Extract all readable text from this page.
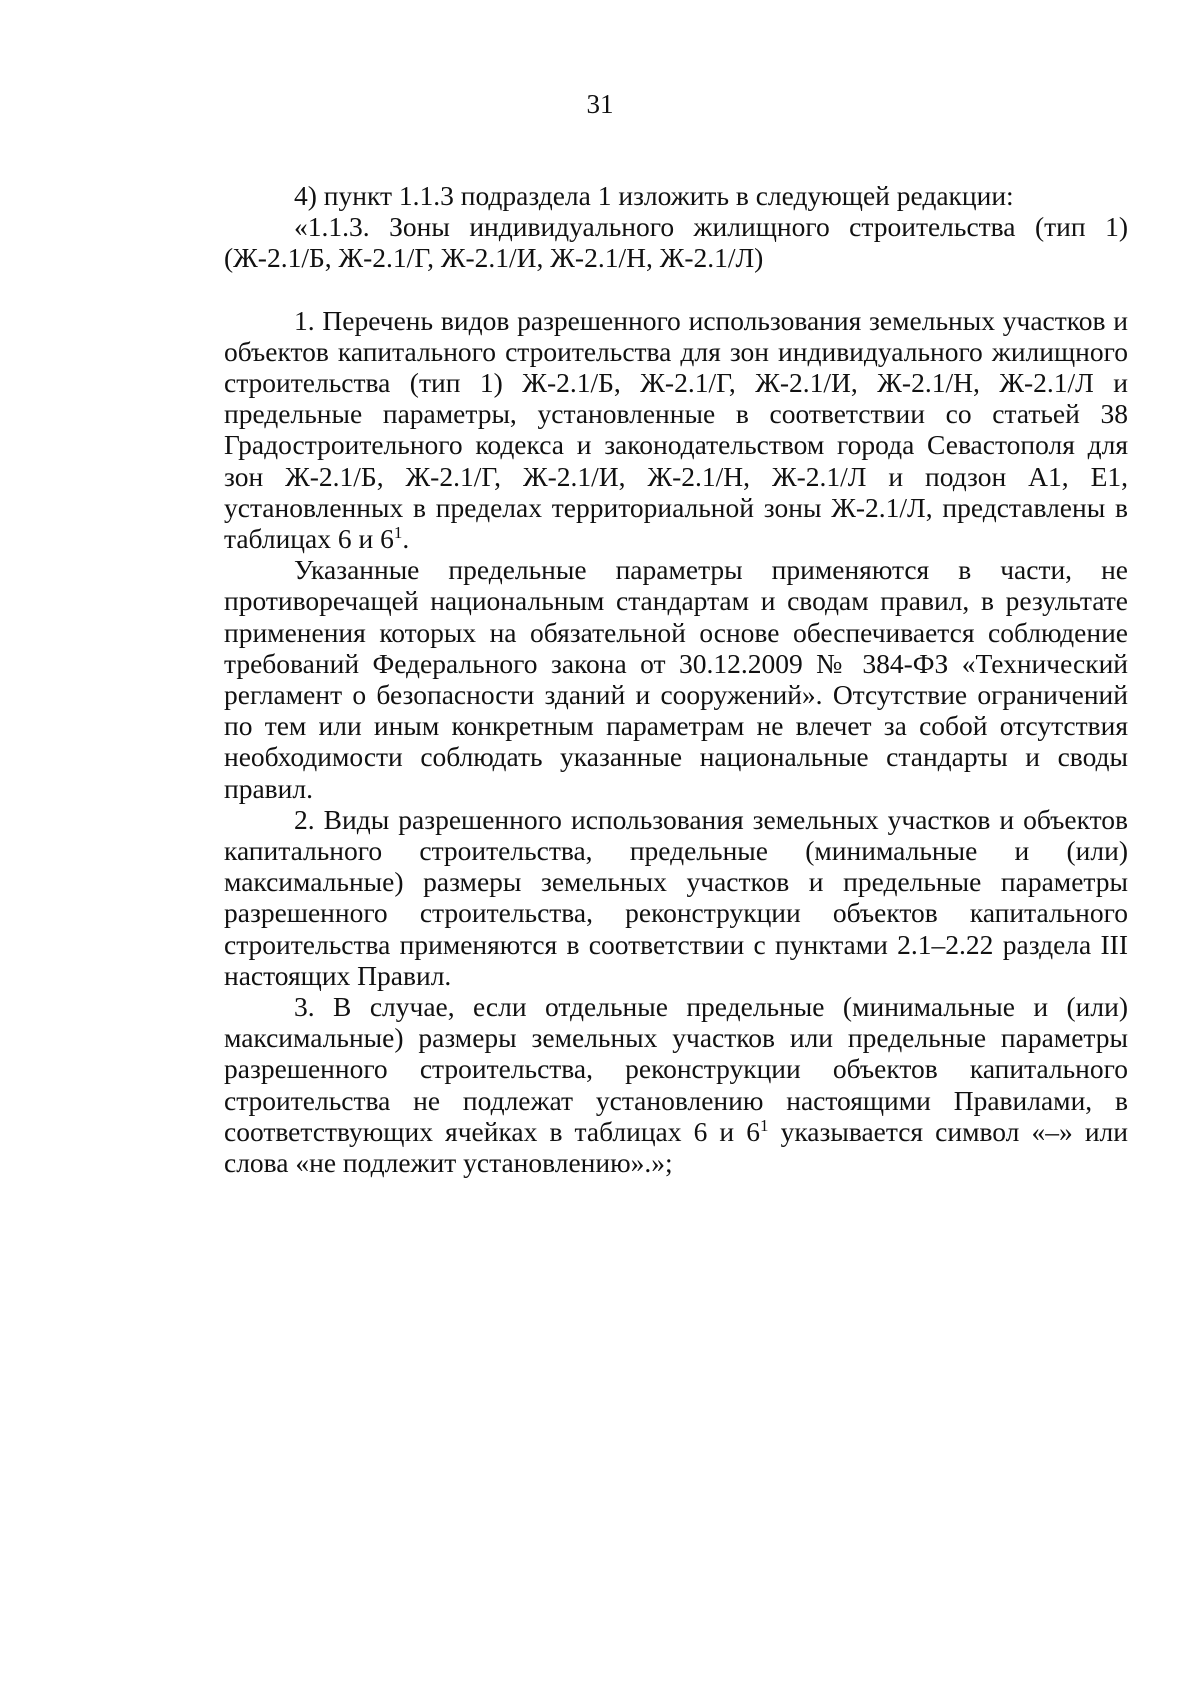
31

4) пункт 1.1.3 подраздела 1 изложить в следующей редакции:

«1.1.3. Зоны индивидуального жилищного строительства (тип 1) (Ж-2.1/Б, Ж-2.1/Г, Ж-2.1/И, Ж-2.1/Н, Ж-2.1/Л)

1. Перечень видов разрешенного использования земельных участков и объектов капитального строительства для зон индивидуального жилищного строительства (тип 1) Ж-2.1/Б, Ж-2.1/Г, Ж-2.1/И, Ж-2.1/Н, Ж-2.1/Л и предельные параметры, установленные в соответствии со статьей 38 Градостроительного кодекса и законодательством города Севастополя для зон Ж-2.1/Б, Ж-2.1/Г, Ж-2.1/И, Ж-2.1/Н, Ж-2.1/Л и подзон А1, Е1, установленных в пределах территориальной зоны Ж-2.1/Л, представлены в таблицах 6 и $6^1$.

Указанные предельные параметры применяются в части, не противоречащей национальным стандартам и сводам правил, в результате применения которых на обязательной основе обеспечивается соблюдение требований Федерального закона от 30.12.2009 № 384-ФЗ «Технический регламент о безопасности зданий и сооружений». Отсутствие ограничений по тем или иным конкретным параметрам не влечет за собой отсутствия необходимости соблюдать указанные национальные стандарты и своды правил.

2. Виды разрешенного использования земельных участков и объектов капитального строительства, предельные (минимальные и (или) максимальные) размеры земельных участков и предельные параметры разрешенного строительства, реконструкции объектов капитального строительства применяются в соответствии с пунктами 2.1–2.22 раздела III настоящих Правил.

3. В случае, если отдельные предельные (минимальные и (или) максимальные) размеры земельных участков или предельные параметры разрешенного строительства, реконструкции объектов капитального строительства не подлежат установлению настоящими Правилами, в соответствующих ячейках в таблицах 6 и $6^1$ указывается символ «–» или слова «не подлежит установлению».»;
